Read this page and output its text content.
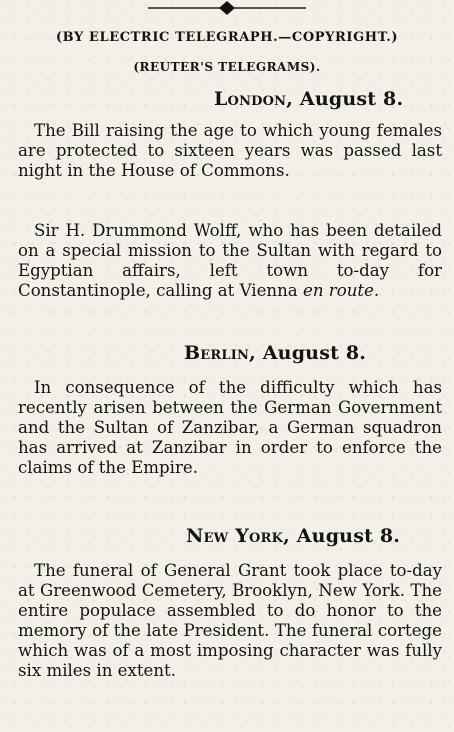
(BY ELECTRIC TELEGRAPH.—COPYRIGHT.)
(REUTER'S TELEGRAMS).
London, August 8.

The Bill raising the age to which young females are protected to sixteen years was passed last night in the House of Commons.

Sir H. Drummond Wolff, who has been detailed on a special mission to the Sultan with regard to Egyptian affairs, left town to-day for Constantinople, calling at Vienna en route.

Berlin, August 8.

In consequence of the difficulty which has recently arisen between the German Government and the Sultan of Zanzibar, a German squadron has arrived at Zanzibar in order to enforce the claims of the Empire.

New York, August 8.

The funeral of General Grant took place to-day at Greenwood Cemetery, Brooklyn, New York. The entire populace assembled to do honor to the memory of the late President. The funeral cortege which was of a most imposing character was fully six miles in extent.
